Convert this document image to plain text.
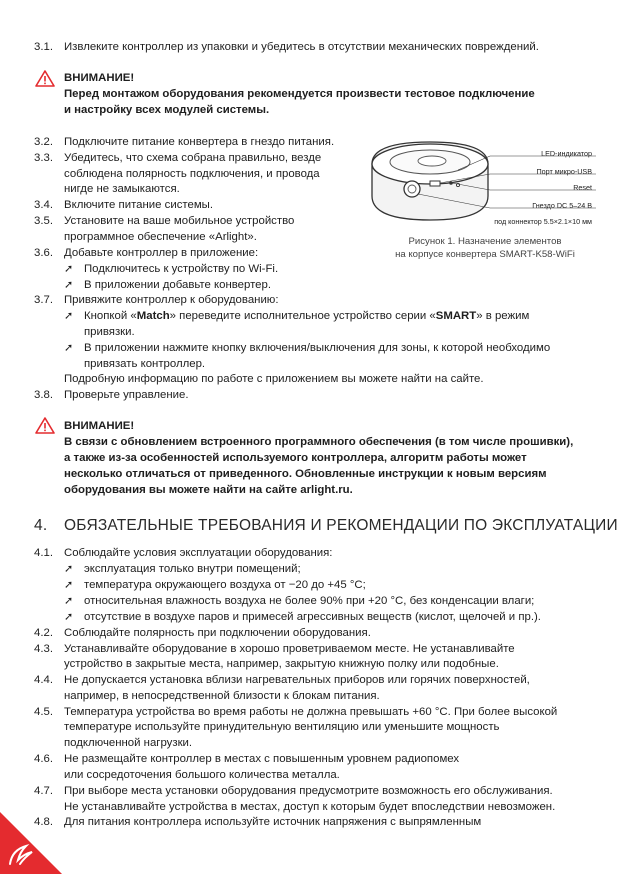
3.1. Извлеките контроллер из упаковки и убедитесь в отсутствии механических повреждений.
ВНИМАНИЕ!
Перед монтажом оборудования рекомендуется произвести тестовое подключение
и настройку всех модулей системы.
3.2. Подключите питание конвертера в гнездо питания.
3.3. Убедитесь, что схема собрана правильно, везде
соблюдена полярность подключения, и провода
нигде не замыкаются.
3.4. Включите питание системы.
3.5. Установите на ваше мобильное устройство
программное обеспечение «Arlight».
LED-индикатор
Порт микро-USB
Reset
Гнездо DC 5–24 В
под коннектор 5.5×2.1×10 мм
Рисунок 1. Назначение элементов
на корпусе конвертера SMART-K58-WiFi
3.6. Добавьте контроллер в приложение:
➚ Подключитесь к устройству по Wi-Fi.
➚ В приложении добавьте конвертер.
3.7. Привяжите контроллер к оборудованию:
➚ Кнопкой «Match» переведите исполнительное устройство серии «SMART» в режим
привязки.
➚ В приложении нажмите кнопку включения/выключения для зоны, к которой необходимо
привязать контроллер.
Подробную информацию по работе с приложением вы можете найти на сайте.
3.8. Проверьте управление.
ВНИМАНИЕ!
В связи с обновлением встроенного программного обеспечения (в том числе прошивки),
а также из-за особенностей используемого контроллера, алгоритм работы может
несколько отличаться от приведенного. Обновленные инструкции к новым версиям
оборудования вы можете найти на сайте arlight.ru.
4. ОБЯЗАТЕЛЬНЫЕ ТРЕБОВАНИЯ И РЕКОМЕНДАЦИИ ПО ЭКСПЛУАТАЦИИ
4.1. Соблюдайте условия эксплуатации оборудования:
➚ эксплуатация только внутри помещений;
➚ температура окружающего воздуха от −20 до +45 °C;
➚ относительная влажность воздуха не более 90% при +20 °C, без конденсации влаги;
➚ отсутствие в воздухе паров и примесей агрессивных веществ (кислот, щелочей и пр.).
4.2. Соблюдайте полярность при подключении оборудования.
4.3. Устанавливайте оборудование в хорошо проветриваемом месте. Не устанавливайте
устройство в закрытые места, например, закрытую книжную полку или подобные.
4.4. Не допускается установка вблизи нагревательных приборов или горячих поверхностей,
например, в непосредственной близости к блокам питания.
4.5. Температура устройства во время работы не должна превышать +60 °C. При более высокой
температуре используйте принудительную вентиляцию или уменьшите мощность
подключенной нагрузки.
4.6. Не размещайте контроллер в местах с повышенным уровнем радиопомех
или сосредоточения большого количества металла.
4.7. При выборе места установки оборудования предусмотрите возможность его обслуживания.
Не устанавливайте устройства в местах, доступ к которым будет впоследствии невозможен.
4.8. Для питания контроллера используйте источник напряжения с выпрямленным
